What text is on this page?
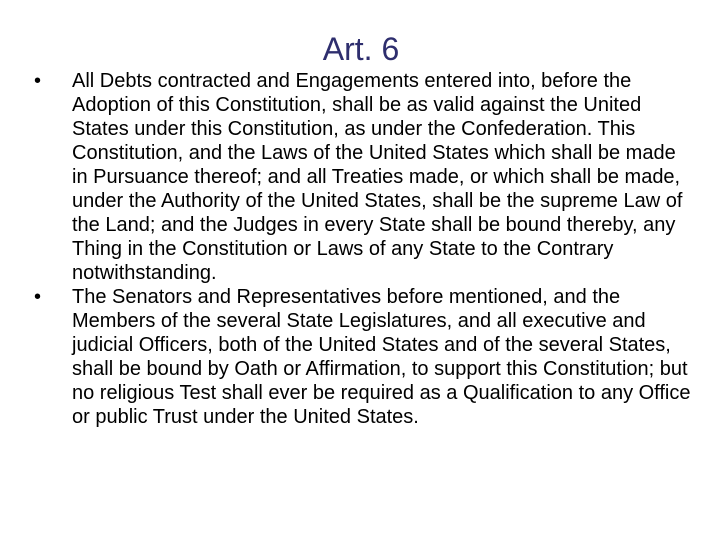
Art. 6
•	All Debts contracted and Engagements entered into, before the Adoption of this Constitution, shall be as valid against the United States under this Constitution, as under the Confederation. This Constitution, and the Laws of the United States which shall be made in Pursuance thereof; and all Treaties made, or which shall be made, under the Authority of the United States, shall be the supreme Law of the Land; and the Judges in every State shall be bound thereby, any Thing in the Constitution or Laws of any State to the Contrary notwithstanding.
•	The Senators and Representatives before mentioned, and the Members of the several State Legislatures, and all executive and judicial Officers, both of the United States and of the several States, shall be bound by Oath or Affirmation, to support this Constitution; but no religious Test shall ever be required as a Qualification to any Office or public Trust under the United States.
